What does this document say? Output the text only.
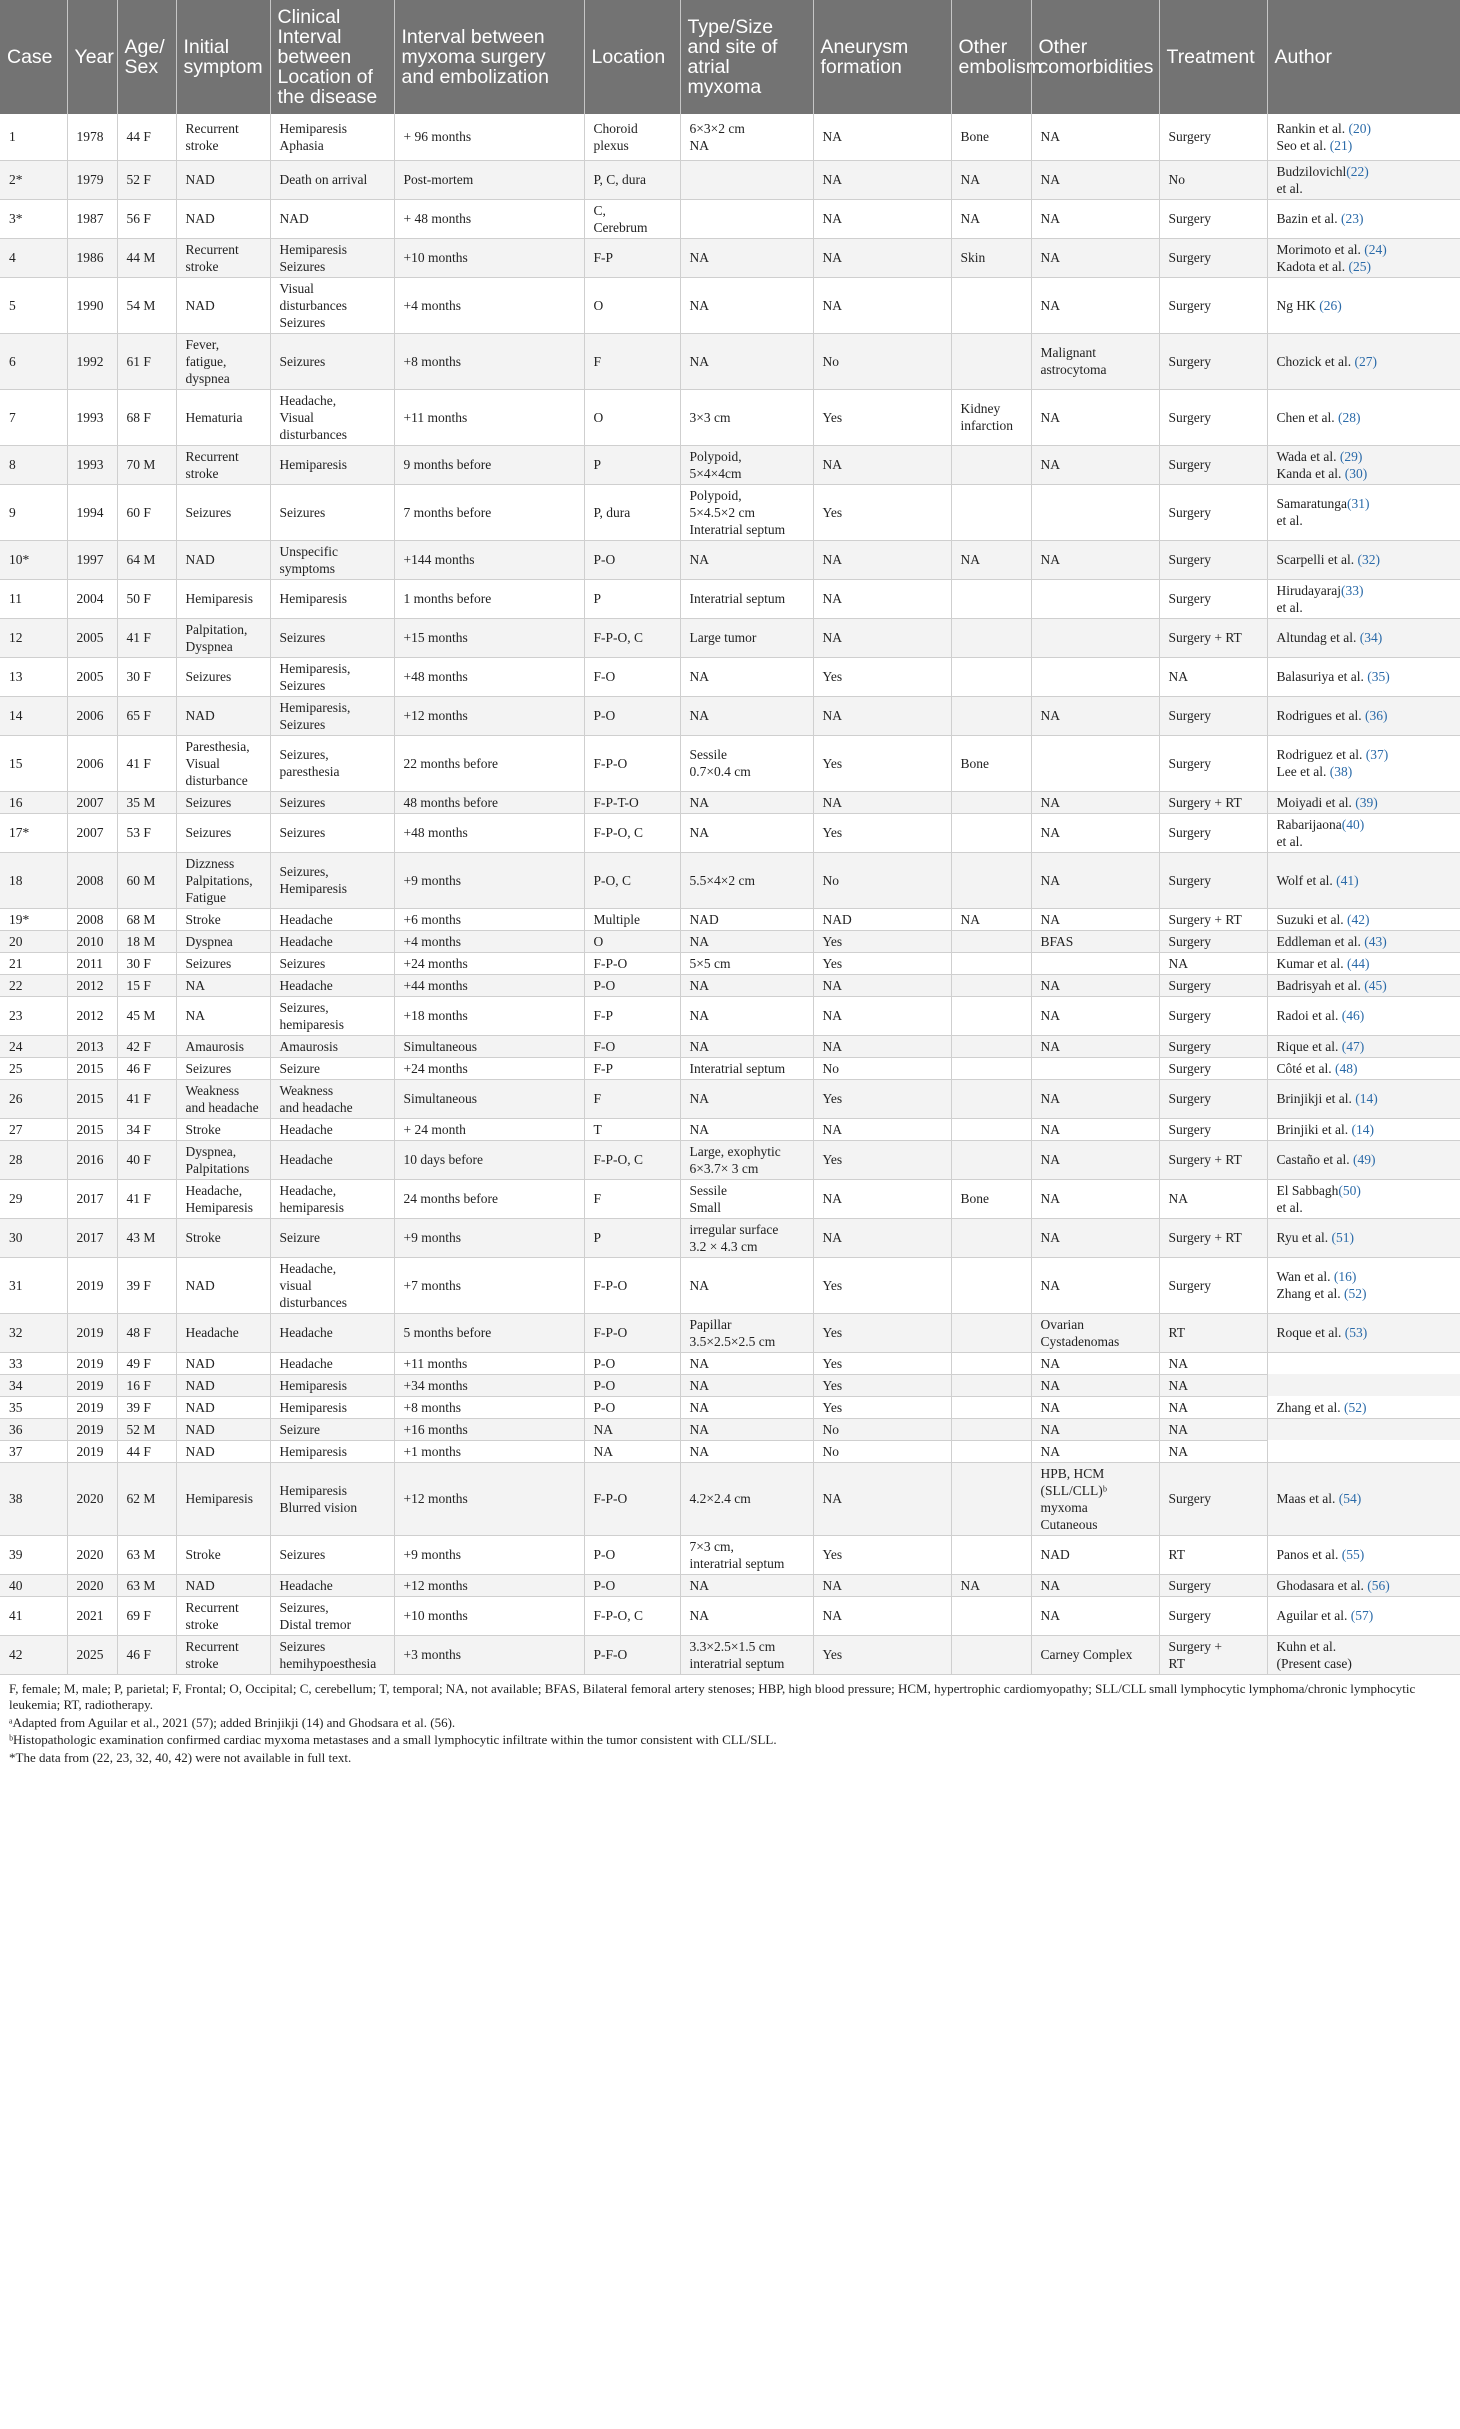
Case	Year	Age/
Sex	Initial
symptom	Clinical
Interval
between
Location of
the disease	Interval between
myxoma surgery
and embolization	Location	Type/Size
and site of
atrial
myxoma	Aneurysm
formation	Other
embolism	Other
comorbidities	Treatment	Author
1	1978	44 F	Recurrent
stroke	Hemiparesis
Aphasia	+ 96 months	Choroid
plexus	6×3×2 cm
NA	NA	Bone	NA	Surgery	Rankin et al. (20)
Seo et al. (21)
2*	1979	52 F	NAD	Death on arrival	Post-mortem	P, C, dura		NA	NA	NA	No	Budzilovichl(22)
et al.
3*	1987	56 F	NAD	NAD	+ 48 months	C,
Cerebrum		NA	NA	NA	Surgery	Bazin et al. (23)
4	1986	44 M	Recurrent
stroke	Hemiparesis
Seizures	+10 months	F-P	NA	NA	Skin	NA	Surgery	Morimoto et al. (24)
Kadota et al. (25)
5	1990	54 M	NAD	Visual
disturbances
Seizures	+4 months	O	NA	NA		NA	Surgery	Ng HK (26)
6	1992	61 F	Fever,
fatigue,
dyspnea	Seizures	+8 months	F	NA	No		Malignant
astrocytoma	Surgery	Chozick et al. (27)
7	1993	68 F	Hematuria	Headache,
Visual
disturbances	+11 months	O	3×3 cm	Yes	Kidney
infarction	NA	Surgery	Chen et al. (28)
8	1993	70 M	Recurrent
stroke	Hemiparesis	9 months before	P	Polypoid,
5×4×4cm	NA		NA	Surgery	Wada et al. (29)
Kanda et al. (30)
9	1994	60 F	Seizures	Seizures	7 months before	P, dura	Polypoid,
5×4.5×2 cm
Interatrial septum	Yes			Surgery	Samaratunga(31)
et al.
10*	1997	64 M	NAD	Unspecific
symptoms	+144 months	P-O	NA	NA	NA	NA	Surgery	Scarpelli et al. (32)
11	2004	50 F	Hemiparesis	Hemiparesis	1 months before	P	Interatrial septum	NA			Surgery	Hirudayaraj(33)
et al.
12	2005	41 F	Palpitation,
Dyspnea	Seizures	+15 months	F-P-O, C	Large tumor	NA			Surgery + RT	Altundag et al. (34)
13	2005	30 F	Seizures	Hemiparesis,
Seizures	+48 months	F-O	NA	Yes			NA	Balasuriya et al. (35)
14	2006	65 F	NAD	Hemiparesis,
Seizures	+12 months	P-O	NA	NA		NA	Surgery	Rodrigues et al. (36)
15	2006	41 F	Paresthesia,
Visual
disturbance	Seizures,
paresthesia	22 months before	F-P-O	Sessile
0.7×0.4 cm	Yes	Bone		Surgery	Rodriguez et al. (37)
Lee et al. (38)
16	2007	35 M	Seizures	Seizures	48 months before	F-P-T-O	NA	NA		NA	Surgery + RT	Moiyadi et al. (39)
17*	2007	53 F	Seizures	Seizures	+48 months	F-P-O, C	NA	Yes		NA	Surgery	Rabarijaona(40)
et al.
18	2008	60 M	Dizzness
Palpitations,
Fatigue	Seizures,
Hemiparesis	+9 months	P-O, C	5.5×4×2 cm	No		NA	Surgery	Wolf et al. (41)
19*	2008	68 M	Stroke	Headache	+6 months	Multiple	NAD	NAD	NA	NA	Surgery + RT	Suzuki et al. (42)
20	2010	18 M	Dyspnea	Headache	+4 months	O	NA	Yes		BFAS	Surgery	Eddleman et al. (43)
21	2011	30 F	Seizures	Seizures	+24 months	F-P-O	5×5 cm	Yes			NA	Kumar et al. (44)
22	2012	15 F	NA	Headache	+44 months	P-O	NA	NA		NA	Surgery	Badrisyah et al. (45)
23	2012	45 M	NA	Seizures,
hemiparesis	+18 months	F-P	NA	NA		NA	Surgery	Radoi et al. (46)
24	2013	42 F	Amaurosis	Amaurosis	Simultaneous	F-O	NA	NA		NA	Surgery	Rique et al. (47)
25	2015	46 F	Seizures	Seizure	+24 months	F-P	Interatrial septum	No			Surgery	Côté et al. (48)
26	2015	41 F	Weakness
and headache	Weakness
and headache	Simultaneous	F	NA	Yes		NA	Surgery	Brinjikji et al. (14)
27	2015	34 F	Stroke	Headache	+ 24 month	T	NA	NA		NA	Surgery	Brinjiki et al. (14)
28	2016	40 F	Dyspnea,
Palpitations	Headache	10 days before	F-P-O, C	Large, exophytic
6×3.7× 3 cm	Yes		NA	Surgery + RT	Castaño et al. (49)
29	2017	41 F	Headache,
Hemiparesis	Headache,
hemiparesis	24 months before	F	Sessile
Small	NA	Bone	NA	NA	El Sabbagh(50)
et al.
30	2017	43 M	Stroke	Seizure	+9 months	P	irregular surface
3.2 × 4.3 cm	NA		NA	Surgery + RT	Ryu et al. (51)
31	2019	39 F	NAD	Headache,
visual
disturbances	+7 months	F-P-O	NA	Yes		NA	Surgery	Wan et al. (16)
Zhang et al. (52)
32	2019	48 F	Headache	Headache	5 months before	F-P-O	Papillar
3.5×2.5×2.5 cm	Yes		Ovarian
Cystadenomas	RT	Roque et al. (53)
33	2019	49 F	NAD	Headache	+11 months	P-O	NA	Yes		NA	NA	
34	2019	16 F	NAD	Hemiparesis	+34 months	P-O	NA	Yes		NA	NA	
35	2019	39 F	NAD	Hemiparesis	+8 months	P-O	NA	Yes		NA	NA	Zhang et al. (52)
36	2019	52 M	NAD	Seizure	+16 months	NA	NA	No		NA	NA	
37	2019	44 F	NAD	Hemiparesis	+1 months	NA	NA	No		NA	NA	
38	2020	62 M	Hemiparesis	Hemiparesis
Blurred vision	+12 months	F-P-O	4.2×2.4 cm	NA		HPB, HCM
(SLL/CLL)ᵇ
myxoma
Cutaneous	Surgery	Maas et al. (54)
39	2020	63 M	Stroke	Seizures	+9 months	P-O	7×3 cm,
interatrial septum	Yes		NAD	RT	Panos et al. (55)
40	2020	63 M	NAD	Headache	+12 months	P-O	NA	NA	NA	NA	Surgery	Ghodasara et al. (56)
41	2021	69 F	Recurrent
stroke	Seizures,
Distal tremor	+10 months	F-P-O, C	NA	NA		NA	Surgery	Aguilar et al. (57)
42	2025	46 F	Recurrent
stroke	Seizures
hemihypoesthesia	+3 months	P-F-O	3.3×2.5×1.5 cm
interatrial septum	Yes		Carney Complex	Surgery +
RT	Kuhn et al.
(Present case)

F, female; M, male; P, parietal; F, Frontal; O, Occipital; C, cerebellum; T, temporal; NA, not available; BFAS, Bilateral femoral artery stenoses; HBP, high blood pressure; HCM, hypertrophic cardiomyopathy; SLL/CLL small lymphocytic lymphoma/chronic lymphocytic leukemia; RT, radiotherapy.

ᵃAdapted from Aguilar et al., 2021 (57); added Brinjikji (14) and Ghodsara et al. (56).

ᵇHistopathologic examination confirmed cardiac myxoma metastases and a small lymphocytic infiltrate within the tumor consistent with CLL/SLL.

*The data from (22, 23, 32, 40, 42) were not available in full text.
